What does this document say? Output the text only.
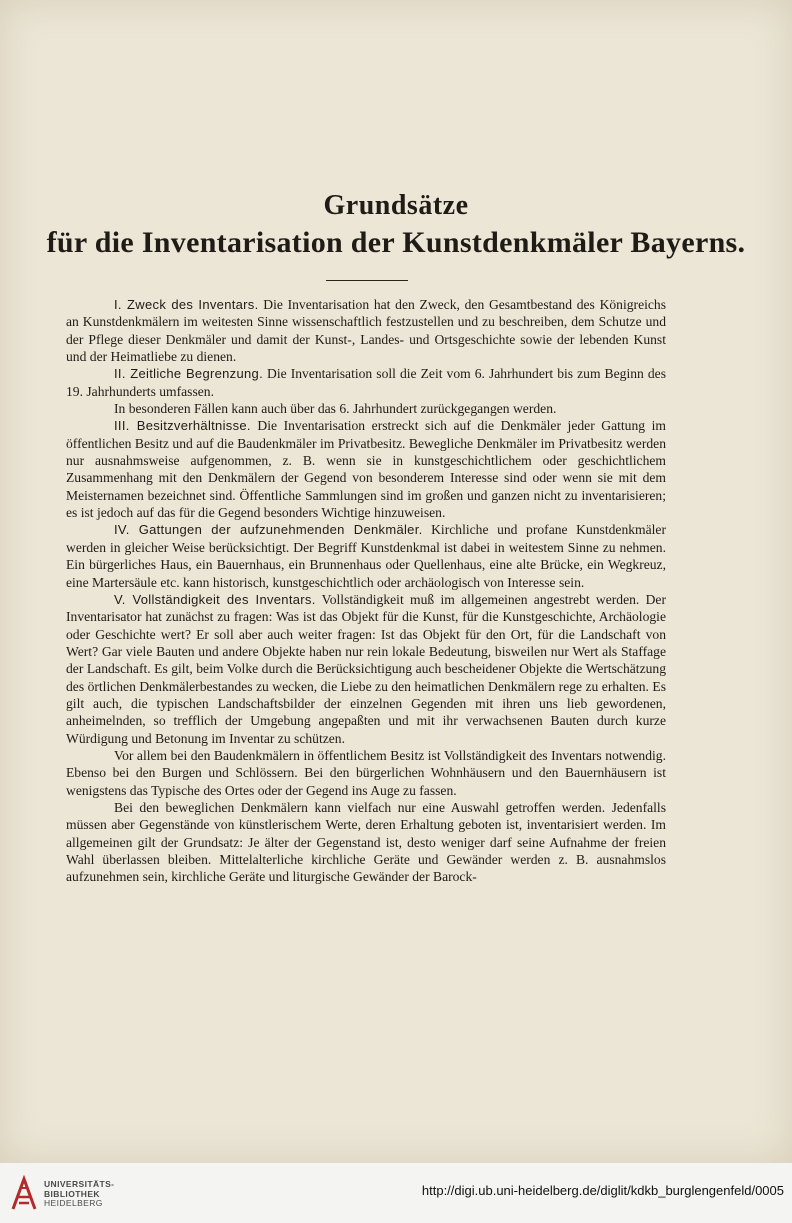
Grundsätze
für die Inventarisation der Kunstdenkmäler Bayerns.

I. Zweck des Inventars. Die Inventarisation hat den Zweck, den Gesamtbestand des Königreichs an Kunstdenkmälern im weitesten Sinne wissenschaftlich festzustellen und zu beschreiben, dem Schutze und der Pflege dieser Denkmäler und damit der Kunst-, Landes- und Ortsgeschichte sowie der lebenden Kunst und der Heimatliebe zu dienen.

II. Zeitliche Begrenzung. Die Inventarisation soll die Zeit vom 6. Jahrhundert bis zum Beginn des 19. Jahrhunderts umfassen.

In besonderen Fällen kann auch über das 6. Jahrhundert zurückgegangen werden.

III. Besitzverhältnisse. Die Inventarisation erstreckt sich auf die Denkmäler jeder Gattung im öffentlichen Besitz und auf die Baudenkmäler im Privatbesitz. Bewegliche Denkmäler im Privatbesitz werden nur ausnahmsweise aufgenommen, z. B. wenn sie in kunstgeschichtlichem oder geschichtlichem Zusammenhang mit den Denkmälern der Gegend von besonderem Interesse sind oder wenn sie mit dem Meisternamen bezeichnet sind. Öffentliche Sammlungen sind im großen und ganzen nicht zu inventarisieren; es ist jedoch auf das für die Gegend besonders Wichtige hinzuweisen.

IV. Gattungen der aufzunehmenden Denkmäler. Kirchliche und profane Kunstdenkmäler werden in gleicher Weise berücksichtigt. Der Begriff Kunstdenkmal ist dabei in weitestem Sinne zu nehmen. Ein bürgerliches Haus, ein Bauernhaus, ein Brunnenhaus oder Quellenhaus, eine alte Brücke, ein Wegkreuz, eine Martersäule etc. kann historisch, kunstgeschichtlich oder archäologisch von Interesse sein.

V. Vollständigkeit des Inventars. Vollständigkeit muß im allgemeinen angestrebt werden. Der Inventarisator hat zunächst zu fragen: Was ist das Objekt für die Kunst, für die Kunstgeschichte, Archäologie oder Geschichte wert? Er soll aber auch weiter fragen: Ist das Objekt für den Ort, für die Landschaft von Wert? Gar viele Bauten und andere Objekte haben nur rein lokale Bedeutung, bisweilen nur Wert als Staffage der Landschaft. Es gilt, beim Volke durch die Berücksichtigung auch bescheidener Objekte die Wertschätzung des örtlichen Denkmälerbestandes zu wecken, die Liebe zu den heimatlichen Denkmälern rege zu erhalten. Es gilt auch, die typischen Landschaftsbilder der einzelnen Gegenden mit ihren uns lieb gewordenen, anheimelnden, so trefflich der Umgebung angepaßten und mit ihr verwachsenen Bauten durch kurze Würdigung und Betonung im Inventar zu schützen.

Vor allem bei den Baudenkmälern in öffentlichem Besitz ist Vollständigkeit des Inventars notwendig. Ebenso bei den Burgen und Schlössern. Bei den bürgerlichen Wohnhäusern und den Bauernhäusern ist wenigstens das Typische des Ortes oder der Gegend ins Auge zu fassen.

Bei den beweglichen Denkmälern kann vielfach nur eine Auswahl getroffen werden. Jedenfalls müssen aber Gegenstände von künstlerischem Werte, deren Erhaltung geboten ist, inventarisiert werden. Im allgemeinen gilt der Grundsatz: Je älter der Gegenstand ist, desto weniger darf seine Aufnahme der freien Wahl überlassen bleiben. Mittelalterliche kirchliche Geräte und Gewänder werden z. B. ausnahmslos aufzunehmen sein, kirchliche Geräte und liturgische Gewänder der Barock-

UNIVERSITÄTS-
BIBLIOTHEK
HEIDELBERG
http://digi.ub.uni-heidelberg.de/diglit/kdkb_burglengenfeld/0005
